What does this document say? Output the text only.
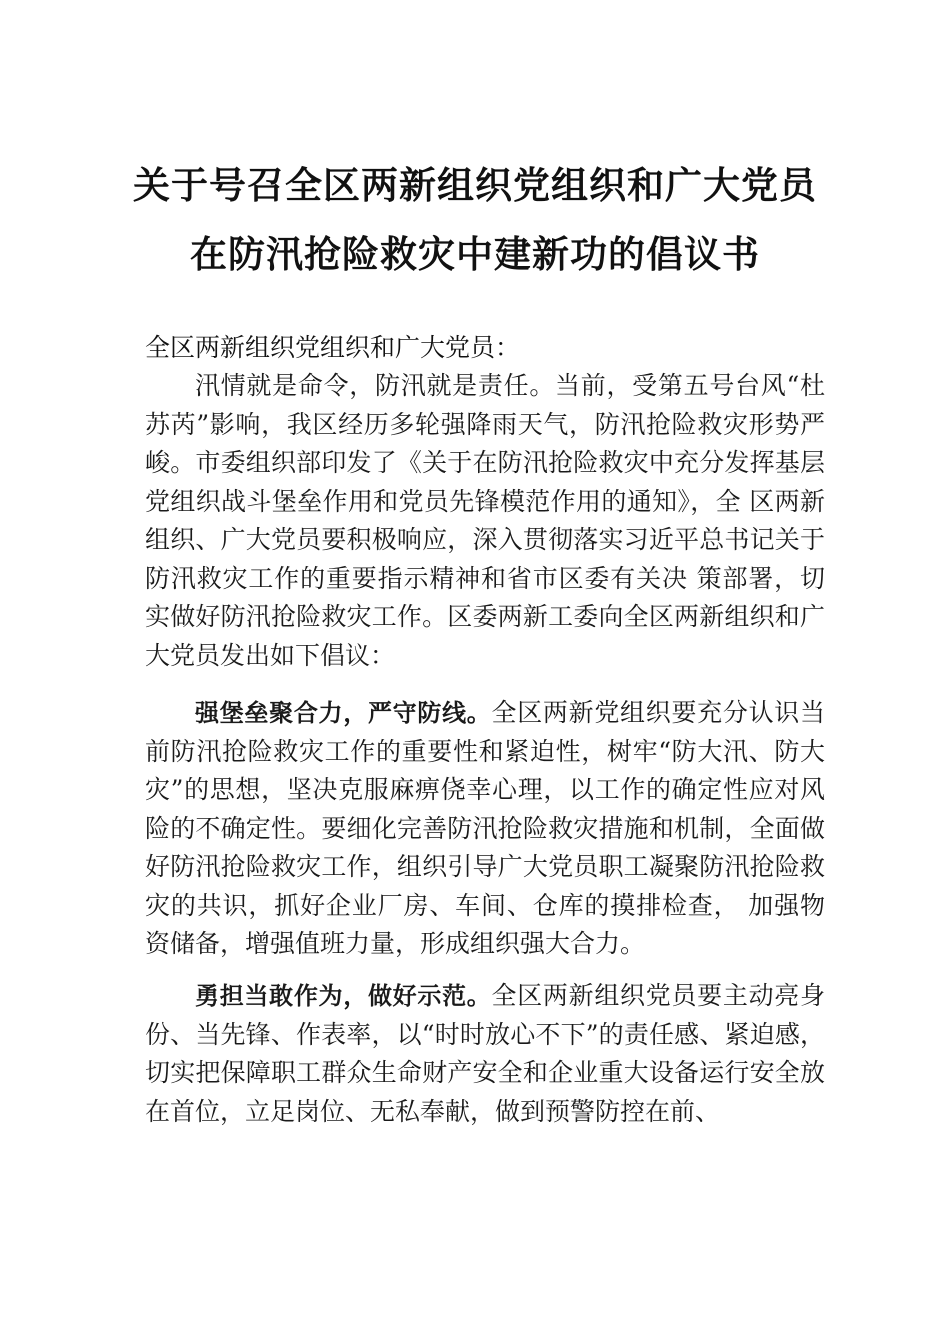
关于号召全区两新组织党组织和广大党员
在防汛抢险救灾中建新功的倡议书
全区两新组织党组织和广大党员：

汛情就是命令，防汛就是责任。当前，受第五号台风“杜苏芮”影响，我区经历多轮强降雨天气，防汛抢险救灾形势严峻。市委组织部印发了《关于在防汛抢险救灾中充分发挥基层党组织战斗堡垒作用和党员先锋模范作用的通知》，全 区两新组织、广大党员要积极响应，深入贯彻落实习近平总书记关于防汛救灾工作的重要指示精神和省市区委有关决 策部署，切实做好防汛抢险救灾工作。区委两新工委向全区两新组织和广大党员发出如下倡议：

强堡垒聚合力，严守防线。全区两新党组织要充分认识当前防汛抢险救灾工作的重要性和紧迫性，树牢“防大汛、防大灾”的思想，坚决克服麻痹侥幸心理，以工作的确定性应对风险的不确定性。要细化完善防汛抢险救灾措施和机制，全面做好防汛抢险救灾工作，组织引导广大党员职工凝聚防汛抢险救灾的共识，抓好企业厂房、车间、仓库的摸排检查， 加强物资储备，增强值班力量，形成组织强大合力。

勇担当敢作为，做好示范。全区两新组织党员要主动亮身份、当先锋、作表率，以“时时放心不下”的责任感、紧迫感，切实把保障职工群众生命财产安全和企业重大设备运行安全放在首位，立足岗位、无私奉献，做到预警防控在前、
